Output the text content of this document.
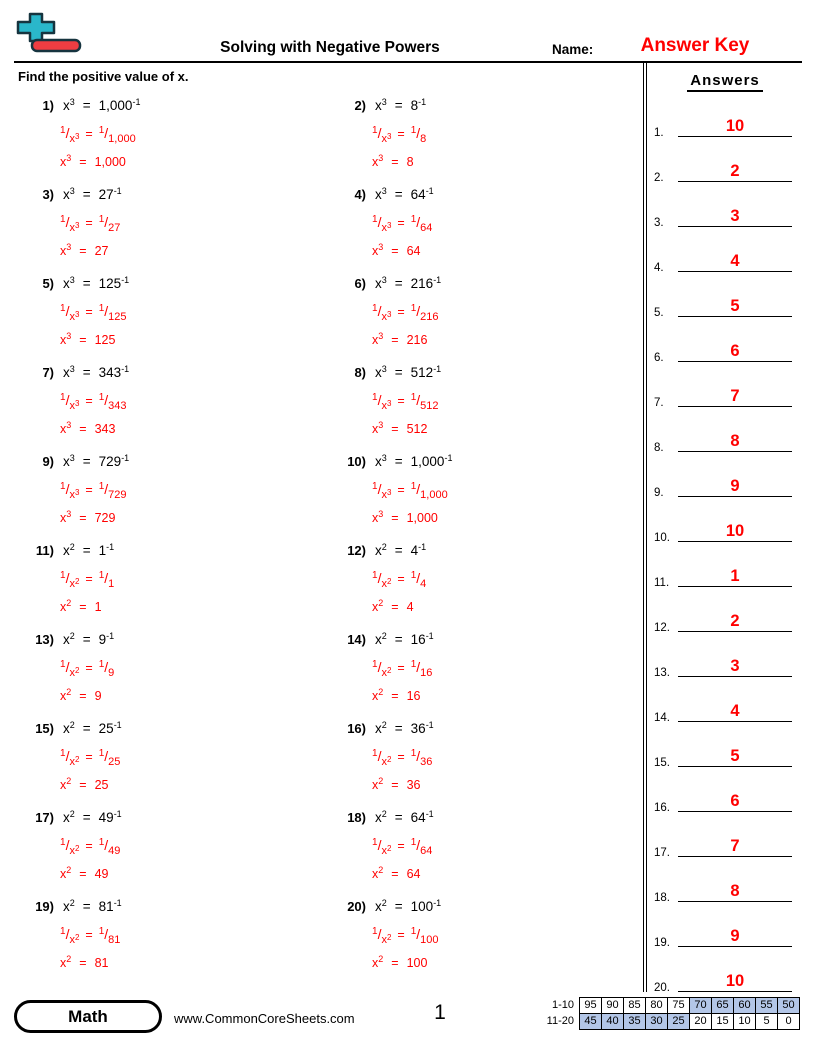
Solving with Negative Powers	Name:	Answer Key
Find the positive value of x.
1) $x^3 = 1,000^{-1}$
$^1/_{x^3} = ^1/_{1,000}$
$x^3 = 1,000$
2) $x^3 = 8^{-1}$
$^1/_{x^3} = ^1/_8$
$x^3 = 8$
3) $x^3 = 27^{-1}$
$^1/_{x^3} = ^1/_{27}$
$x^3 = 27$
4) $x^3 = 64^{-1}$
$^1/_{x^3} = ^1/_{64}$
$x^3 = 64$
5) $x^3 = 125^{-1}$
$^1/_{x^3} = ^1/_{125}$
$x^3 = 125$
6) $x^3 = 216^{-1}$
$^1/_{x^3} = ^1/_{216}$
$x^3 = 216$
7) $x^3 = 343^{-1}$
$^1/_{x^3} = ^1/_{343}$
$x^3 = 343$
8) $x^3 = 512^{-1}$
$^1/_{x^3} = ^1/_{512}$
$x^3 = 512$
9) $x^3 = 729^{-1}$
$^1/_{x^3} = ^1/_{729}$
$x^3 = 729$
10) $x^3 = 1,000^{-1}$
$^1/_{x^3} = ^1/_{1,000}$
$x^3 = 1,000$
11) $x^2 = 1^{-1}$
$^1/_{x^2} = ^1/_1$
$x^2 = 1$
12) $x^2 = 4^{-1}$
$^1/_{x^2} = ^1/_4$
$x^2 = 4$
13) $x^2 = 9^{-1}$
$^1/_{x^2} = ^1/_9$
$x^2 = 9$
14) $x^2 = 16^{-1}$
$^1/_{x^2} = ^1/_{16}$
$x^2 = 16$
15) $x^2 = 25^{-1}$
$^1/_{x^2} = ^1/_{25}$
$x^2 = 25$
16) $x^2 = 36^{-1}$
$^1/_{x^2} = ^1/_{36}$
$x^2 = 36$
17) $x^2 = 49^{-1}$
$^1/_{x^2} = ^1/_{49}$
$x^2 = 49$
18) $x^2 = 64^{-1}$
$^1/_{x^2} = ^1/_{64}$
$x^2 = 64$
19) $x^2 = 81^{-1}$
$^1/_{x^2} = ^1/_{81}$
$x^2 = 81$
20) $x^2 = 100^{-1}$
$^1/_{x^2} = ^1/_{100}$
$x^2 = 100$
Answers
1.	10
2.	2
3.	3
4.	4
5.	5
6.	6
7.	7
8.	8
9.	9
10.	10
11.	1
12.	2
13.	3
14.	4
15.	5
16.	6
17.	7
18.	8
19.	9
20.	10
Math	www.CommonCoreSheets.com	1	1-10 95 90 85 80 75 70 65 60 55 50
11-20 45 40 35 30 25 20 15 10	5	0
